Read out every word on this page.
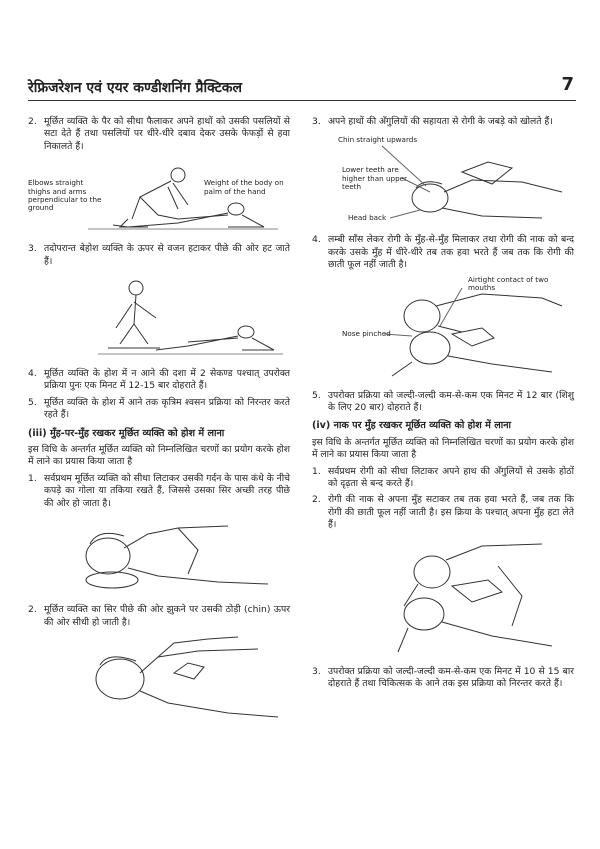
रेफ्रिजरेशन एवं एयर कण्डीशनिंग प्रैक्टिकल	7
2. मूर्छित व्यक्ति के पैर को सीधा फैलाकर अपने हाथों को उसकी पसलियों से सटा देते हैं तथा पसलियों पर धीरे-धीरे दबाव देकर उसके फेफड़ों से हवा निकालते हैं।
Elbows straight thighs and arms perpendicular to the ground
Weight of the body on palm of the hand
3. तदोपरान्त बेहोश व्यक्ति के ऊपर से वजन हटाकर पीछे की ओर हट जाते हैं।
4. मूर्छित व्यक्ति के होश में न आने की दशा में 2 सेकण्ड पश्चात् उपरोक्त प्रक्रिया पुनः एक मिनट में 12-15 बार दोहराते हैं।
5. मूर्छित व्यक्ति के होश में आने तक कृत्रिम श्वसन प्रक्रिया को निरन्तर करते रहते हैं।
(iii) मुँह-पर-मुँह रखकर मूर्छित व्यक्ति को होश में लाना
इस विधि के अन्तर्गत मूर्छित व्यक्ति को निम्नलिखित चरणों का प्रयोग करके होश में लाने का प्रयास किया जाता है
1. सर्वप्रथम मूर्छित व्यक्ति को सीधा लिटाकर उसकी गर्दन के पास कंधे के नीचे कपड़े का गोला या तकिया रखते हैं, जिससे उसका सिर अच्छी तरह पीछे की ओर हो जाता है।
2. मूर्छित व्यक्ति का सिर पीछे की ओर झुकने पर उसकी ठोड़ी (chin) ऊपर की ओर सीधी हो जाती है।
3. अपने हाथों की अँगुलियों की सहायता से रोगी के जबड़े को खोलते हैं।
Chin straight upwards
Lower teeth are higher than upper teeth
Head back
4. लम्बी साँस लेकर रोगी के मुँह-से-मुँह मिलाकर तथा रोगी की नाक को बन्द करके उसके मुँह में धीरे-धीरे तब तक हवा भरते हैं जब तक कि रोगी की छाती फूल नहीं जाती है।
Airtight contact of two mouths
Nose pinched
5. उपरोक्त प्रक्रिया को जल्दी-जल्दी कम-से-कम एक मिनट में 12 बार (शिशु के लिए 20 बार) दोहराते हैं।
(iv) नाक पर मुँह रखकर मूर्छित व्यक्ति को होश में लाना
इस विधि के अन्तर्गत मूर्छित व्यक्ति को निम्नलिखित चरणों का प्रयोग करके होश में लाने का प्रयास किया जाता है
1. सर्वप्रथम रोगी को सीधा लिटाकर अपने हाथ की अँगुलियों से उसके होठों को दृढ़ता से बन्द करते हैं।
2. रोगी की नाक से अपना मुँह सटाकर तब तक हवा भरते हैं, जब तक कि रोगी की छाती फूल नहीं जाती है। इस क्रिया के पश्चात् अपना मुँह हटा लेते हैं।
3. उपरोक्त प्रक्रिया को जल्दी-जल्दी कम-से-कम एक मिनट में 10 से 15 बार दोहराते हैं तथा चिकित्सक के आने तक इस प्रक्रिया को निरन्तर करते हैं।
